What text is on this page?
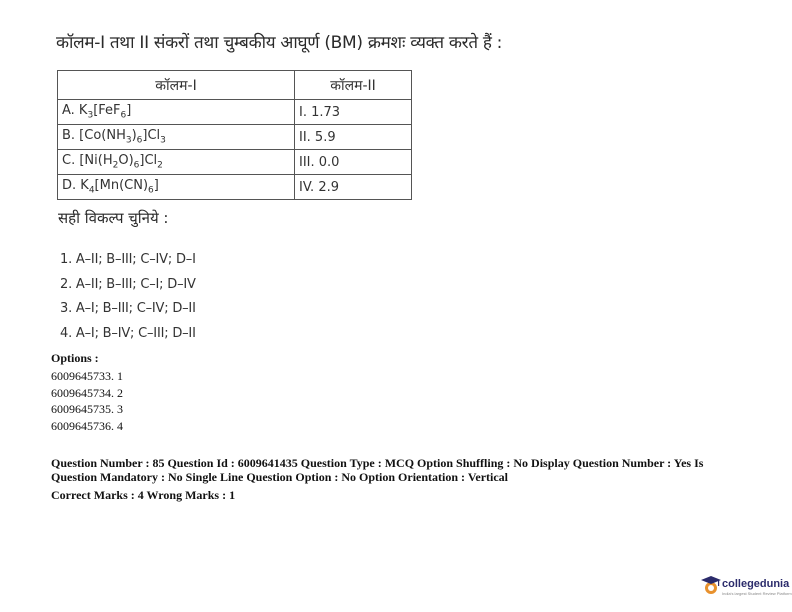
कॉलम-I तथा II संकरों तथा चुम्बकीय आघूर्ण (BM) क्रमशः व्यक्त करते हैं :
कॉलम-I	कॉलम-II
A. $K_3[FeF_6]$	I. 1.73
B. $[Co(NH_3)_6]Cl_3$	II. 5.9
C. $[Ni(H_2O)_6]Cl_2$	III. 0.0
D. $K_4[Mn(CN)_6]$	IV. 2.9
सही विकल्प चुनिये :
1. A–II; B–III; C–IV; D–I
2. A–II; B–III; C–I; D–IV
3. A–I; B–III; C–IV; D–II
4. A–I; B–IV; C–III; D–II
Options :
6009645733. 1
6009645734. 2
6009645735. 3
6009645736. 4
Question Number : 85 Question Id : 6009641435 Question Type : MCQ Option Shuffling : No Display Question Number : Yes Is Question Mandatory : No Single Line Question Option : No Option Orientation : Vertical
Correct Marks : 4 Wrong Marks : 1
collegedunia
India's largest Student Review Platform
